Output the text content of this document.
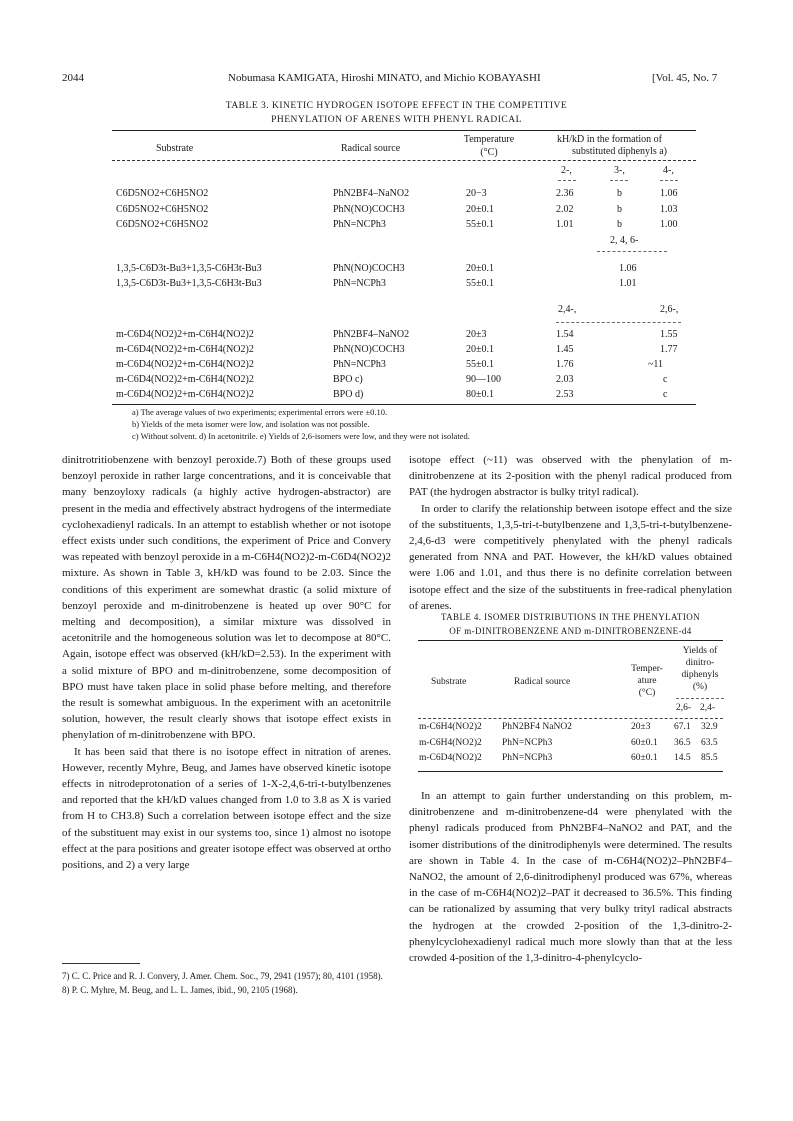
2044	Nobumasa KAMIGATA, Hiroshi MINATO, and Michio KOBAYASHI	[Vol. 45, No. 7
TABLE 3. KINETIC HYDROGEN ISOTOPE EFFECT IN THE COMPETITIVE
PHENYLATION OF ARENES WITH PHENYL RADICAL
Substrate	Radical source
Temperature
(°C)
kH/kD in the formation of
substituted diphenyls a)
2-,	3-,	4-,
C6D5NO2+C6H5NO2	PhN2BF4–NaNO2	20−3	2.36	b	1.06
C6D5NO2+C6H5NO2	PhN(NO)COCH3	20±0.1	2.02	b	1.03
C6D5NO2+C6H5NO2	PhN=NCPh3	55±0.1	1.01	b	1.00
2, 4, 6-
1,3,5-C6D3t-Bu3+1,3,5-C6H3t-Bu3	PhN(NO)COCH3	20±0.1	1.06
1,3,5-C6D3t-Bu3+1,3,5-C6H3t-Bu3	PhN=NCPh3	55±0.1	1.01
2,4-,	2,6-,
m-C6D4(NO2)2+m-C6H4(NO2)2	PhN2BF4–NaNO2	20±3	1.54	1.55
m-C6D4(NO2)2+m-C6H4(NO2)2	PhN(NO)COCH3	20±0.1	1.45	1.77
m-C6D4(NO2)2+m-C6H4(NO2)2	PhN=NCPh3	55±0.1	1.76	~11
m-C6D4(NO2)2+m-C6H4(NO2)2	BPO c)	90—100	2.03	c
m-C6D4(NO2)2+m-C6H4(NO2)2	BPO d)	80±0.1	2.53	c
a) The average values of two experiments; experimental errors were ±0.10.
b) Yields of the meta isomer were low, and isolation was not possible.
c) Without solvent. d) In acetonitrile. e) Yields of 2,6-isomers were low, and they were not isolated.

dinitrotritiobenzene with benzoyl peroxide.7) Both of these groups used benzoyl peroxide in rather large concentrations, and it is conceivable that many benzoyloxy radicals (a highly active hydrogen-abstractor) are present in the media and effectively abstract hydrogens of the intermediate cyclohexadienyl radicals. In an attempt to establish whether or not isotope effect exists under such conditions, the experiment of Price and Convery was repeated with benzoyl peroxide in a m-C6H4(NO2)2-m-C6D4(NO2)2 mixture. As shown in Table 3, kH/kD was found to be 2.03. Since the conditions of this experiment are somewhat drastic (a solid mixture of benzoyl peroxide and m-dinitrobenzene is heated up over 90°C for melting and decomposition), a similar mixture was dissolved in acetonitrile and the homogeneous solution was let to decompose at 80°C. Again, isotope effect was observed (kH/kD=2.53). In the experiment with a solid mixture of BPO and m-dinitrobenzene, some decomposition of BPO must have taken place in solid phase before melting, and therefore the result is somewhat ambiguous. In the experiment with an acetonitrile solution, however, the result clearly shows that isotope effect exists in phenylation of m-dinitrobenzene with BPO.

It has been said that there is no isotope effect in nitration of arenes. However, recently Myhre, Beug, and James have observed kinetic isotope effects in nitrodeprotonation of a series of 1-X-2,4,6-tri-t-butylbenzenes and reported that the kH/kD values changed from 1.0 to 3.8 as X is varied from H to CH3.8) Such a correlation between isotope effect and the size of the substituent may exist in our systems too, since 1) almost no isotope effect at the para positions and greater isotope effect was observed at ortho positions, and 2) a very large

7) C. C. Price and R. J. Convery, J. Amer. Chem. Soc., 79, 2941 (1957); 80, 4101 (1958).
8) P. C. Myhre, M. Beug, and L. L. James, ibid., 90, 2105 (1968).

isotope effect (~11) was observed with the phenylation of m-dinitrobenzene at its 2-position with the phenyl radical produced from PAT (the hydrogen abstractor is bulky trityl radical).

In order to clarify the relationship between isotope effect and the size of the substituents, 1,3,5-tri-t-butylbenzene and 1,3,5-tri-t-butylbenzene-2,4,6-d3 were competitively phenylated with the phenyl radicals generated from NNA and PAT. However, the kH/kD values obtained were 1.06 and 1.01, and thus there is no definite correlation between isotope effect and the size of the substituents in free-radical phenylation of arenes.

TABLE 4. ISOMER DISTRIBUTIONS IN THE PHENYLATION
OF m-DINITROBENZENE AND m-DINITROBENZENE-d4
Yields of
dinitro-
diphenyls
(%)
Temper-
ature
(°C)
Substrate	Radical source
2,6- 2,4-
m-C6H4(NO2)2 PhN2BF4 NaNO2	20±3 67.1 32.9
m-C6H4(NO2)2 PhN=NCPh3	60±0.1 36.5 63.5
m-C6D4(NO2)2 PhN=NCPh3	60±0.1 14.5 85.5

In an attempt to gain further understanding on this problem, m-dinitrobenzene and m-dinitrobenzene-d4 were phenylated with the phenyl radicals produced from PhN2BF4–NaNO2 and PAT, and the isomer distributions of the dinitrodiphenyls were determined. The results are shown in Table 4. In the case of m-C6H4(NO2)2–PhN2BF4–NaNO2, the amount of 2,6-dinitrodiphenyl produced was 67%, whereas in the case of m-C6H4(NO2)2–PAT it decreased to 36.5%. This finding can be rationalized by assuming that very bulky trityl radical abstracts the hydrogen at the crowded 2-position of the 1,3-dinitro-2-phenylcyclohexadienyl radical much more slowly than that at the less crowded 4-position of the 1,3-dinitro-4-phenylcyclo-
